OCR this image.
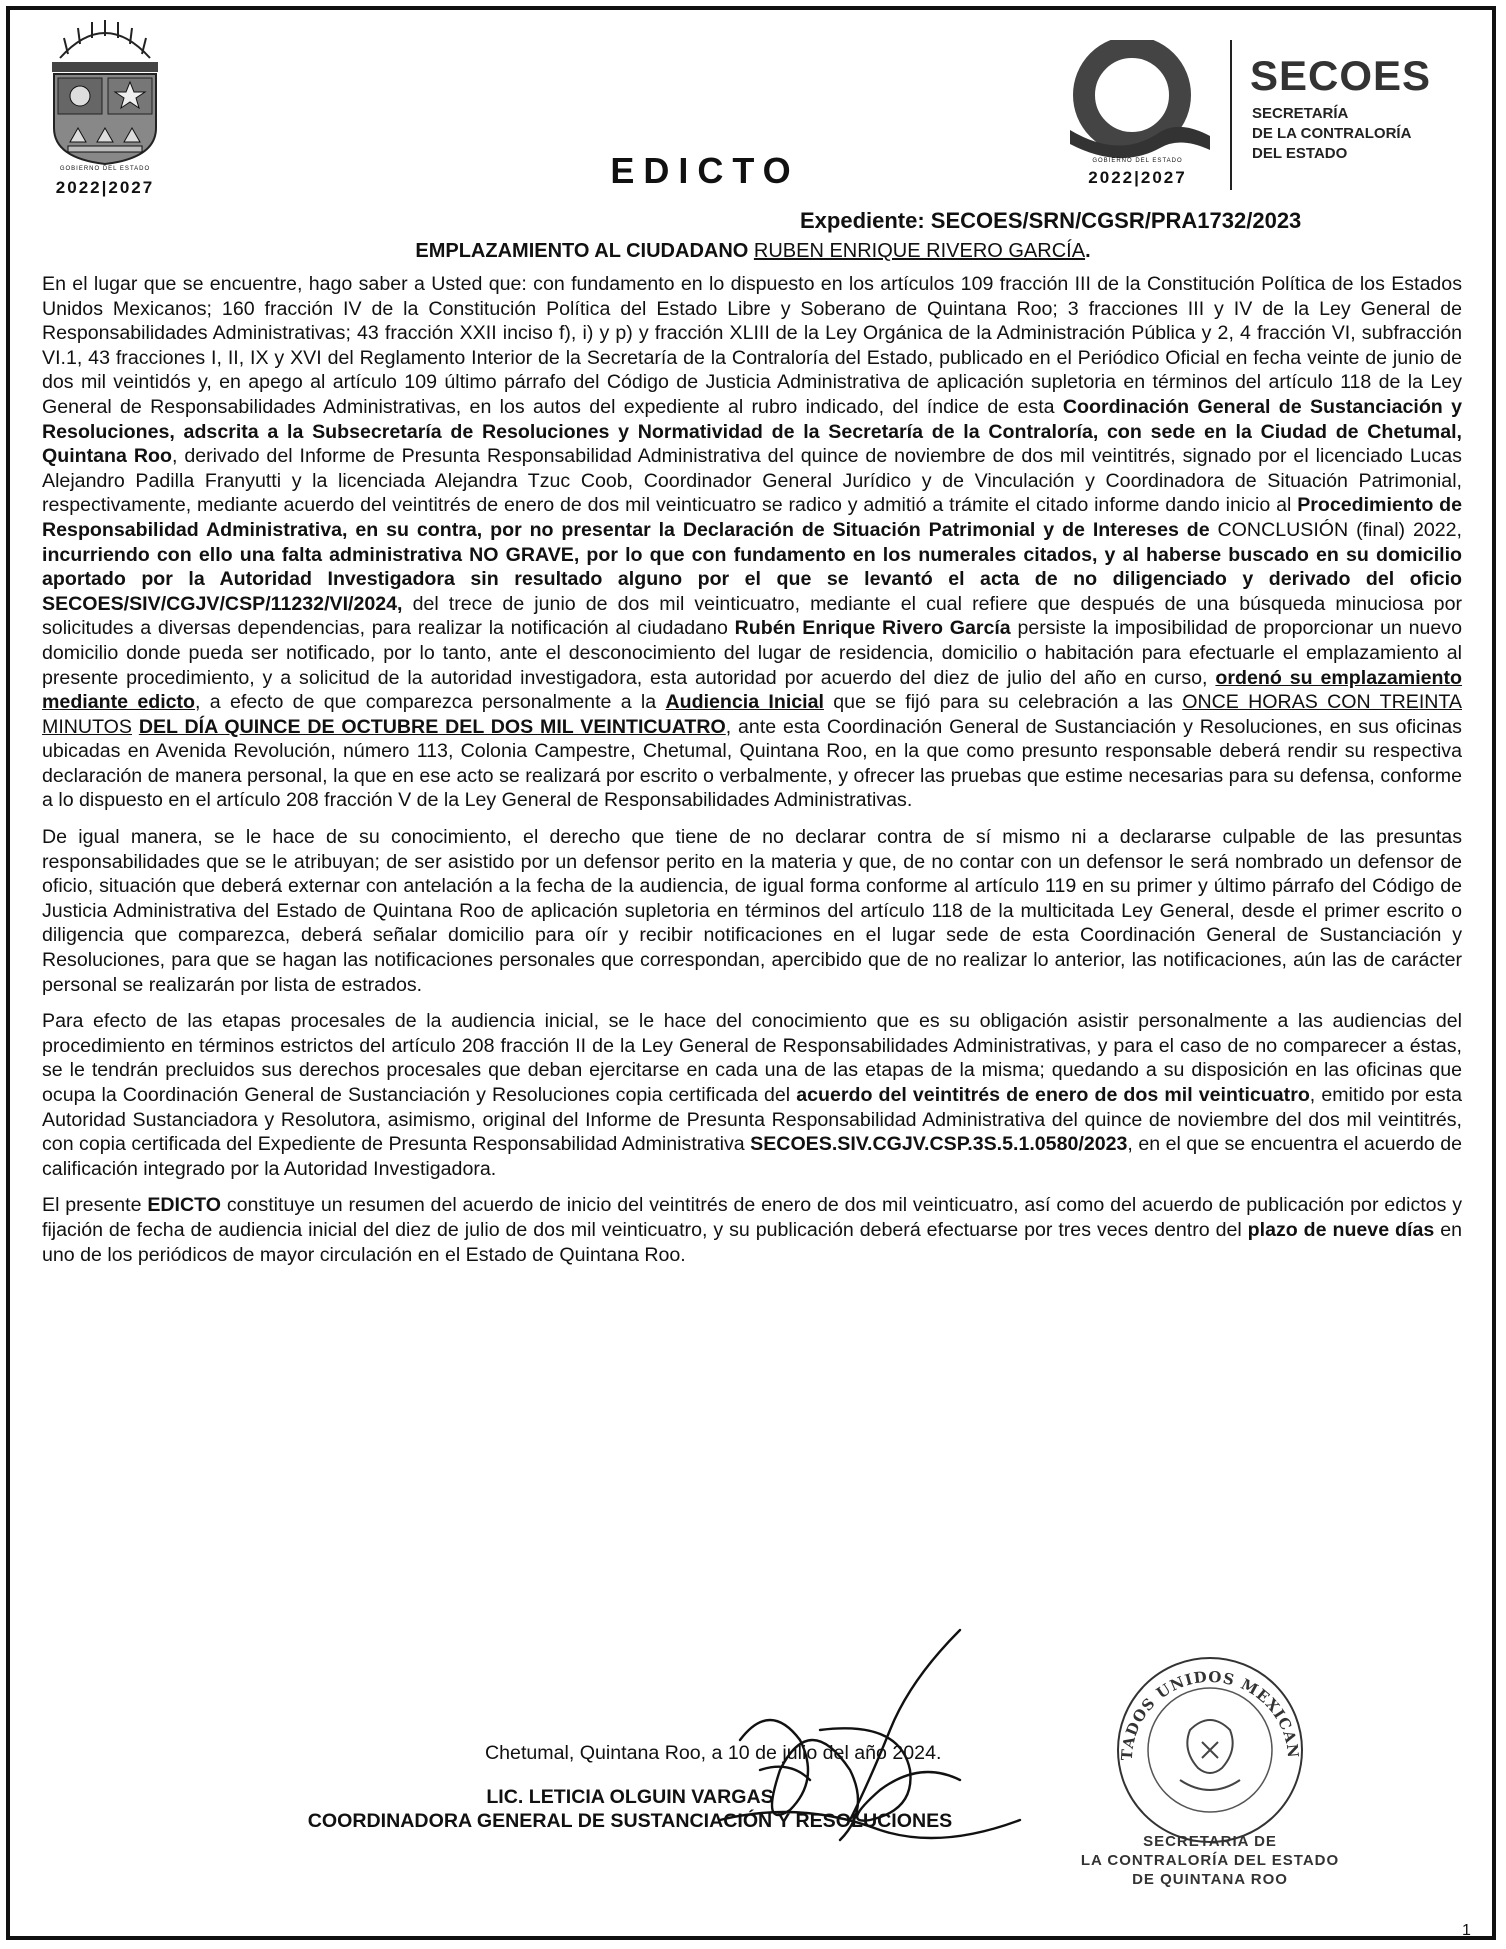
GOBIERNO DEL ESTADO
2022|2027
GOBIERNO DEL ESTADO
2022|2027
SECOES
SECRETARÍA
DE LA CONTRALORÍA
DEL ESTADO
EDICTO
Expediente: SECOES/SRN/CGSR/PRA1732/2023
EMPLAZAMIENTO AL CIUDADANO RUBEN ENRIQUE RIVERO GARCÍA.

En el lugar que se encuentre, hago saber a Usted que: con fundamento en lo dispuesto en los artículos 109 fracción III de la Constitución Política de los Estados Unidos Mexicanos; 160 fracción IV de la Constitución Política del Estado Libre y Soberano de Quintana Roo; 3 fracciones III y IV de la Ley General de Responsabilidades Administrativas; 43 fracción XXII inciso f), i) y p) y fracción XLIII de la Ley Orgánica de la Administración Pública y 2, 4 fracción VI, subfracción VI.1, 43 fracciones I, II, IX y XVI del Reglamento Interior de la Secretaría de la Contraloría del Estado, publicado en el Periódico Oficial en fecha veinte de junio de dos mil veintidós y, en apego al artículo 109 último párrafo del Código de Justicia Administrativa de aplicación supletoria en términos del artículo 118 de la Ley General de Responsabilidades Administrativas, en los autos del expediente al rubro indicado, del índice de esta Coordinación General de Sustanciación y Resoluciones, adscrita a la Subsecretaría de Resoluciones y Normatividad de la Secretaría de la Contraloría, con sede en la Ciudad de Chetumal, Quintana Roo, derivado del Informe de Presunta Responsabilidad Administrativa del quince de noviembre de dos mil veintitrés, signado por el licenciado Lucas Alejandro Padilla Franyutti y la licenciada Alejandra Tzuc Coob, Coordinador General Jurídico y de Vinculación y Coordinadora de Situación Patrimonial, respectivamente, mediante acuerdo del veintitrés de enero de dos mil veinticuatro se radico y admitió a trámite el citado informe dando inicio al Procedimiento de Responsabilidad Administrativa, en su contra, por no presentar la Declaración de Situación Patrimonial y de Intereses de CONCLUSIÓN (final) 2022, incurriendo con ello una falta administrativa NO GRAVE, por lo que con fundamento en los numerales citados, y al haberse buscado en su domicilio aportado por la Autoridad Investigadora sin resultado alguno por el que se levantó el acta de no diligenciado y derivado del oficio SECOES/SIV/CGJV/CSP/11232/VI/2024, del trece de junio de dos mil veinticuatro, mediante el cual refiere que después de una búsqueda minuciosa por solicitudes a diversas dependencias, para realizar la notificación al ciudadano Rubén Enrique Rivero García persiste la imposibilidad de proporcionar un nuevo domicilio donde pueda ser notificado, por lo tanto, ante el desconocimiento del lugar de residencia, domicilio o habitación para efectuarle el emplazamiento al presente procedimiento, y a solicitud de la autoridad investigadora, esta autoridad por acuerdo del diez de julio del año en curso, ordenó su emplazamiento mediante edicto, a efecto de que comparezca personalmente a la Audiencia Inicial que se fijó para su celebración a las ONCE HORAS CON TREINTA MINUTOS DEL DÍA QUINCE DE OCTUBRE DEL DOS MIL VEINTICUATRO, ante esta Coordinación General de Sustanciación y Resoluciones, en sus oficinas ubicadas en Avenida Revolución, número 113, Colonia Campestre, Chetumal, Quintana Roo, en la que como presunto responsable deberá rendir su respectiva declaración de manera personal, la que en ese acto se realizará por escrito o verbalmente, y ofrecer las pruebas que estime necesarias para su defensa, conforme a lo dispuesto en el artículo 208 fracción V de la Ley General de Responsabilidades Administrativas.

De igual manera, se le hace de su conocimiento, el derecho que tiene de no declarar contra de sí mismo ni a declararse culpable de las presuntas responsabilidades que se le atribuyan; de ser asistido por un defensor perito en la materia y que, de no contar con un defensor le será nombrado un defensor de oficio, situación que deberá externar con antelación a la fecha de la audiencia, de igual forma conforme al artículo 119 en su primer y último párrafo del Código de Justicia Administrativa del Estado de Quintana Roo de aplicación supletoria en términos del artículo 118 de la multicitada Ley General, desde el primer escrito o diligencia que comparezca, deberá señalar domicilio para oír y recibir notificaciones en el lugar sede de esta Coordinación General de Sustanciación y Resoluciones, para que se hagan las notificaciones personales que correspondan, apercibido que de no realizar lo anterior, las notificaciones, aún las de carácter personal se realizarán por lista de estrados.

Para efecto de las etapas procesales de la audiencia inicial, se le hace del conocimiento que es su obligación asistir personalmente a las audiencias del procedimiento en términos estrictos del artículo 208 fracción II de la Ley General de Responsabilidades Administrativas, y para el caso de no comparecer a éstas, se le tendrán precluidos sus derechos procesales que deban ejercitarse en cada una de las etapas de la misma; quedando a su disposición en las oficinas que ocupa la Coordinación General de Sustanciación y Resoluciones copia certificada del acuerdo del veintitrés de enero de dos mil veinticuatro, emitido por esta Autoridad Sustanciadora y Resolutora, asimismo, original del Informe de Presunta Responsabilidad Administrativa del quince de noviembre del dos mil veintitrés, con copia certificada del Expediente de Presunta Responsabilidad Administrativa SECOES.SIV.CGJV.CSP.3S.5.1.0580/2023, en el que se encuentra el acuerdo de calificación integrado por la Autoridad Investigadora.

El presente EDICTO constituye un resumen del acuerdo de inicio del veintitrés de enero de dos mil veinticuatro, así como del acuerdo de publicación por edictos y fijación de fecha de audiencia inicial del diez de julio de dos mil veinticuatro, y su publicación deberá efectuarse por tres veces dentro del plazo de nueve días en uno de los periódicos de mayor circulación en el Estado de Quintana Roo.

Chetumal, Quintana Roo, a 10 de julio del año 2024.	TADOS UNIDOS MEXICAN
LIC. LETICIA OLGUIN VARGAS
COORDINADORA GENERAL DE SUSTANCIACIÓN Y RESOLUCIONES
SECRETARIA DE
LA CONTRALORÍA DEL ESTADO
DE QUINTANA ROO
1
